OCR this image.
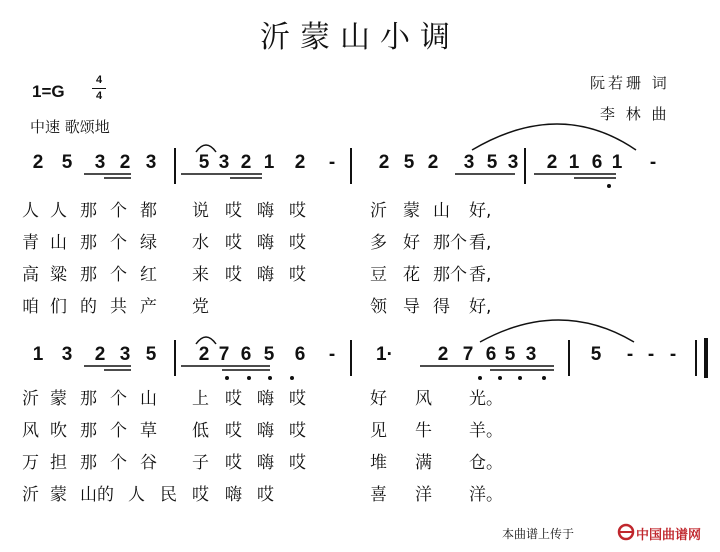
沂蒙山小调
1=G
4
4
中速 歌颂地
阮若珊 词
李 林 曲
2 5 3 2 3 5 3 2 1 2 - 2 5 2 3 5 3 2 1 6 1 -
人 人 那 个 都 说 哎 嗨 哎	沂 蒙 山 好,
青 山 那 个 绿 水 哎 嗨 哎	多 好 那个 看,
高 粱 那 个 红 来 哎 嗨 哎	豆 花 那个 香,
咱 们 的 共 产 党	领 导 得 好,
1 3 2 3 5 2 7 6 5 6 - 1· 2 7 6 5 3	5 - - -
沂 蒙 那 个 山 上 哎 嗨 哎	好 风 光。
风 吹 那 个 草 低 哎 嗨 哎	见 牛 羊。
万 担 那 个 谷 子 哎 嗨 哎	堆 满 仓。
沂 蒙 山的 人 民 哎 嗨 哎	喜 洋 洋。
本曲谱上传于	中国曲谱网
